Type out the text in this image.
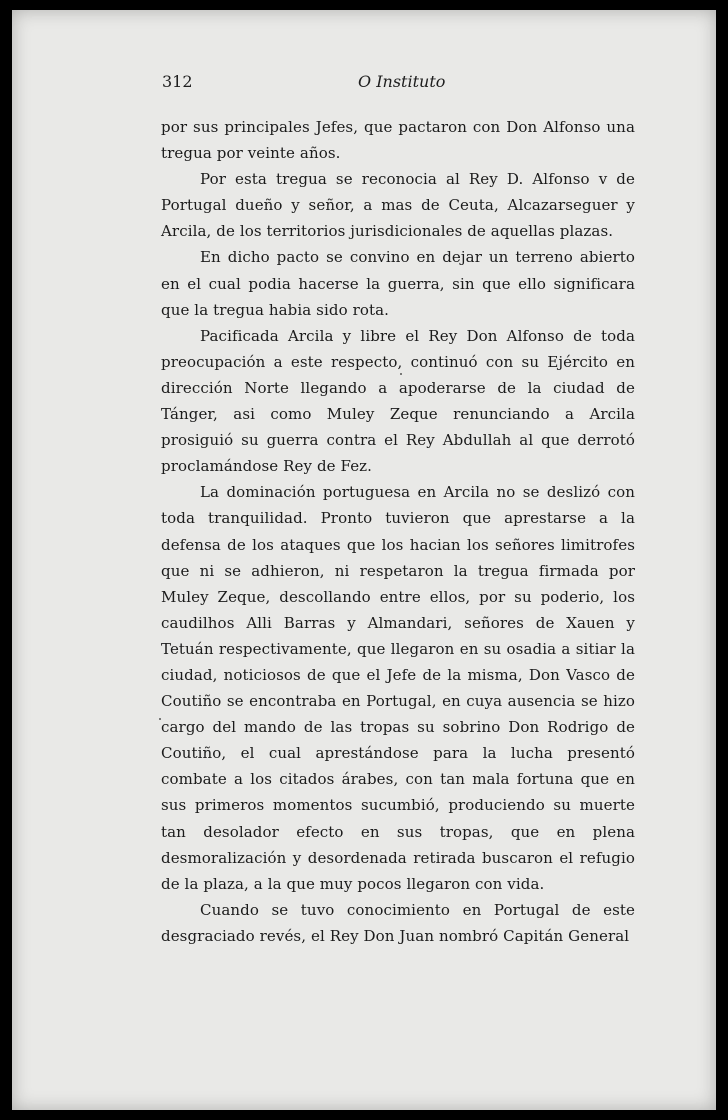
312	O Instituto

por sus principales Jefes, que pactaron con Don Alfonso una tregua por veinte años.

Por esta tregua se reconocia al Rey D. Alfonso v de Portugal dueño y señor, a mas de Ceuta, Alcazarseguer y Arcila, de los territorios jurisdicionales de aquellas plazas.

En dicho pacto se convino en dejar un terreno abierto en el cual podia hacerse la guerra, sin que ello significara que la tregua habia sido rota.

Pacificada Arcila y libre el Rey Don Alfonso de toda preocupación a este respecto, continuó con su Ejército en dirección Norte llegando a apoderarse de la ciudad de Tánger, asi como Muley Zeque renunciando a Arcila prosiguió su guerra contra el Rey Abdullah al que derrotó proclamándose Rey de Fez.

La dominación portuguesa en Arcila no se deslizó con toda tranquilidad. Pronto tuvieron que aprestarse a la defensa de los ataques que los hacian los señores limitrofes que ni se adhieron, ni respetaron la tregua firmada por Muley Zeque, descollando entre ellos, por su poderio, los caudilhos Alli Barras y Almandari, señores de Xauen y Tetuán respectivamente, que llegaron en su osadia a sitiar la ciudad, noticiosos de que el Jefe de la misma, Don Vasco de Coutiño se encontraba en Portugal, en cuya ausencia se hizo cargo del mando de las tropas su sobrino Don Rodrigo de Coutiño, el cual aprestándose para la lucha presentó combate a los citados árabes, con tan mala fortuna que en sus primeros momentos sucumbió, produciendo su muerte tan desolador efecto en sus tropas, que en plena desmoralización y desordenada retirada buscaron el refugio de la plaza, a la que muy pocos llegaron con vida.

Cuando se tuvo conocimiento en Portugal de este desgraciado revés, el Rey Don Juan nombró Capitán General
